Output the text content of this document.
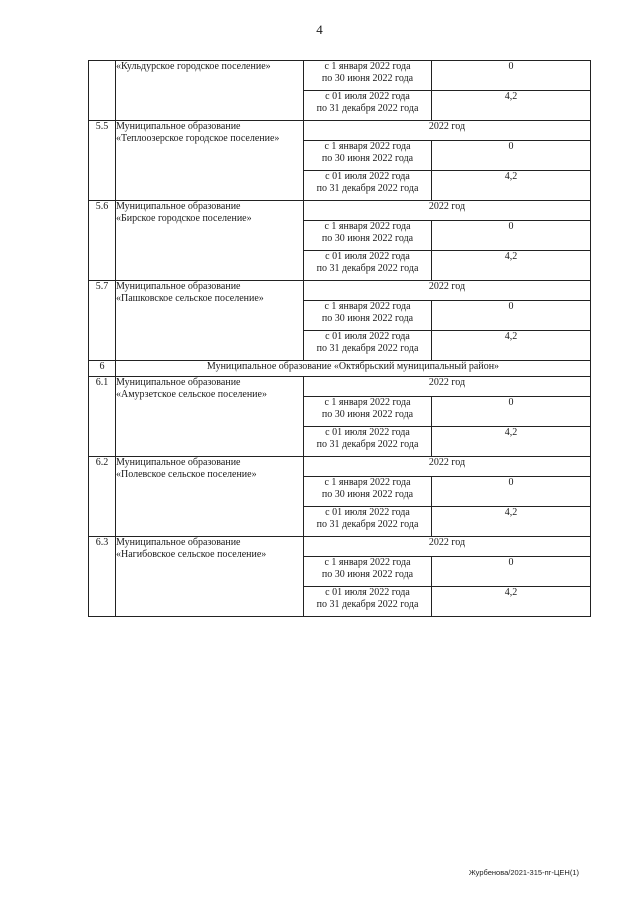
4

	«Кульдурское городское поселение»	с 1 января 2022 года
по 30 июня 2022 года	0

		с 01 июля 2022 года
по 31 декабря 2022 года	4,2
5.5	Муниципальное образование
«Теплоозерское городское поселение»	2022 год	

		с 1 января 2022 года
по 30 июня 2022 года	0

		с 01 июля 2022 года
по 31 декабря 2022 года	4,2
5.6	Муниципальное образование
«Бирское городское поселение»	2022 год	

		с 1 января 2022 года
по 30 июня 2022 года	0

		с 01 июля 2022 года
по 31 декабря 2022 года	4,2
5.7	Муниципальное образование
«Пашковское сельское поселение»	2022 год	

		с 1 января 2022 года
по 30 июня 2022 года	0

		с 01 июля 2022 года
по 31 декабря 2022 года	4,2
6	Муниципальное образование «Октябрьский муниципальный район»		
6.1	Муниципальное образование
«Амурзетское сельское поселение»	2022 год	

		с 1 января 2022 года
по 30 июня 2022 года	0

		с 01 июля 2022 года
по 31 декабря 2022 года	4,2
6.2	Муниципальное образование
«Полевское сельское поселение»	2022 год	

		с 1 января 2022 года
по 30 июня 2022 года	0

		с 01 июля 2022 года
по 31 декабря 2022 года	4,2
6.3	Муниципальное образование
«Нагибовское сельское поселение»	2022 год	

		с 1 января 2022 года
по 30 июня 2022 года	0

		с 01 июля 2022 года
по 31 декабря 2022 года	4,2
Журбенова/2021-315-пг-ЦЕН(1)
